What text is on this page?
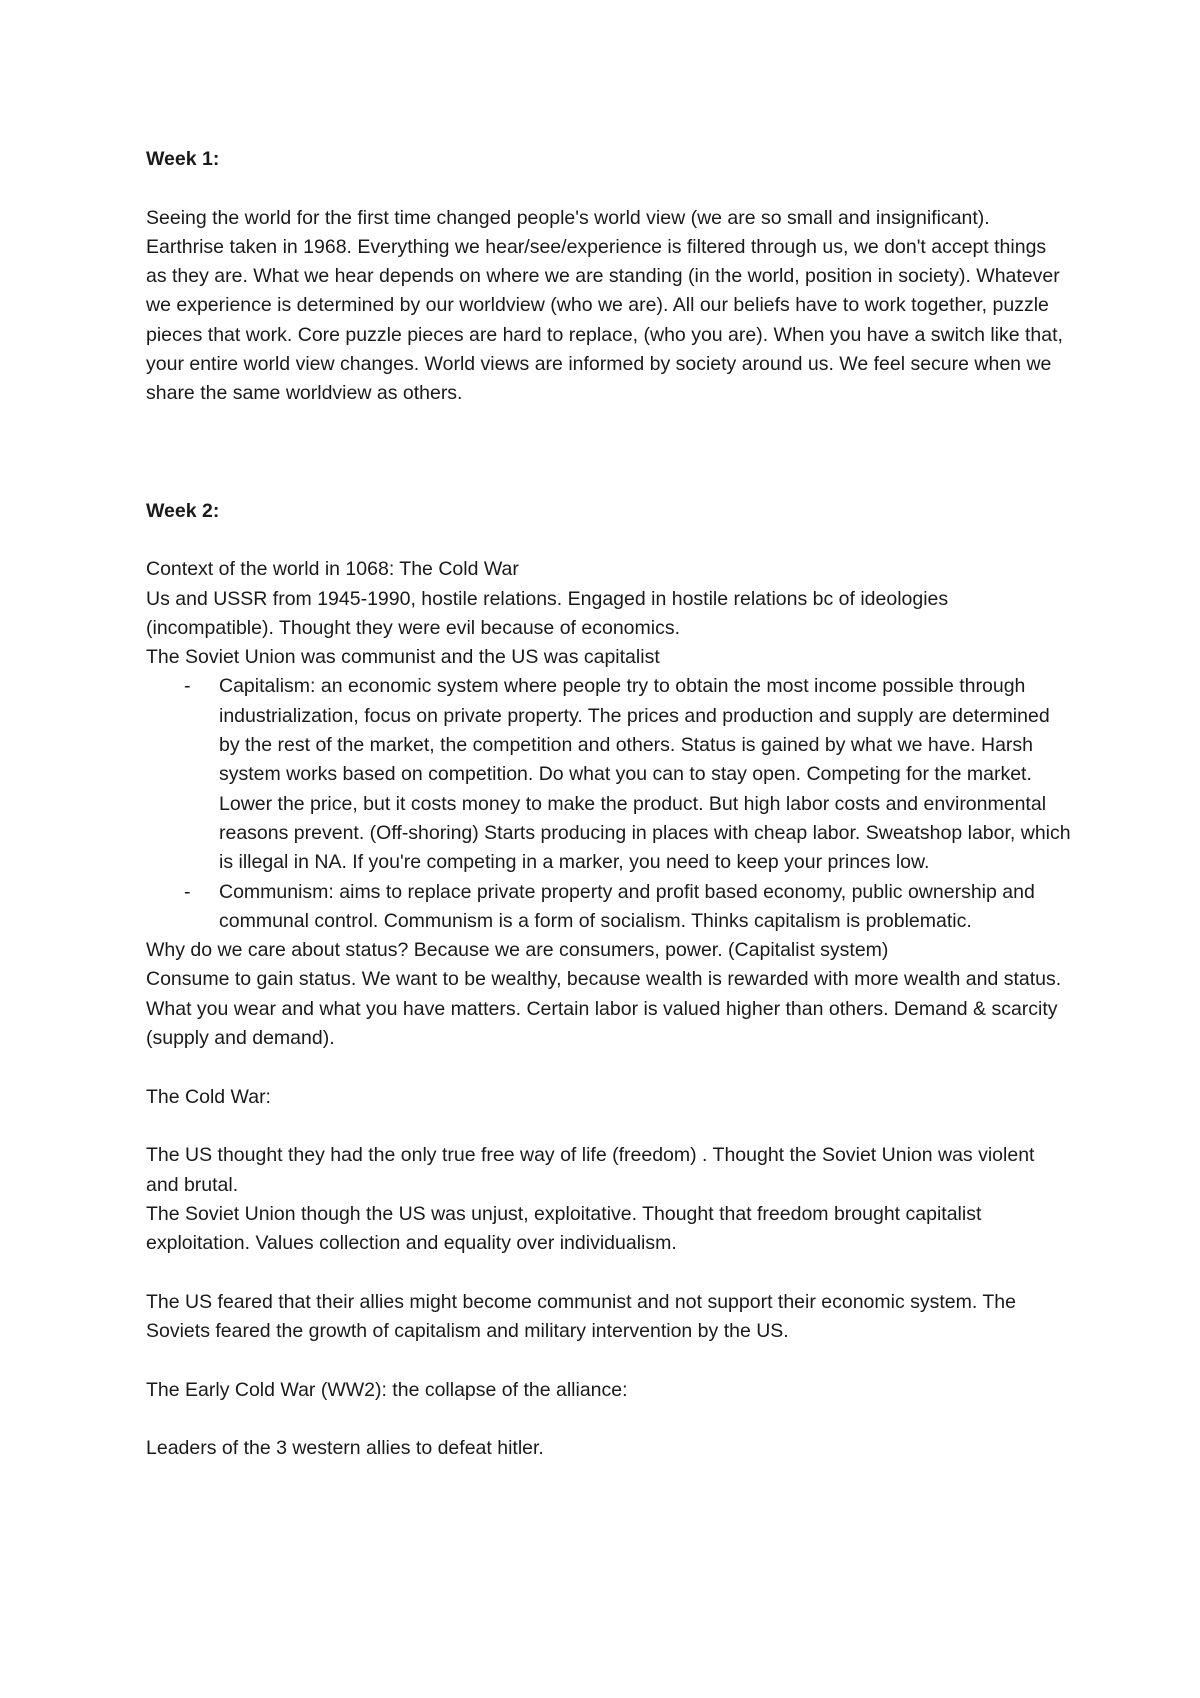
Week 1:

Seeing the world for the first time changed people's world view (we are so small and insignificant). Earthrise taken in 1968. Everything we hear/see/experience is filtered through us, we don't accept things as they are. What we hear depends on where we are standing (in the world, position in society). Whatever we experience is determined by our worldview (who we are). All our beliefs have to work together, puzzle pieces that work. Core puzzle pieces are hard to replace, (who you are). When you have a switch like that, your entire world view changes. World views are informed by society around us. We feel secure when we share the same worldview as others.

Week 2:

Context of the world in 1068: The Cold War

Us and USSR from 1945-1990, hostile relations. Engaged in hostile relations bc of ideologies (incompatible). Thought they were evil because of economics.

The Soviet Union was communist and the US was capitalist

- Capitalism: an economic system where people try to obtain the most income possible through industrialization, focus on private property. The prices and production and supply are determined by the rest of the market, the competition and others. Status is gained by what we have. Harsh system works based on competition. Do what you can to stay open. Competing for the market. Lower the price, but it costs money to make the product. But high labor costs and environmental reasons prevent. (Off-shoring) Starts producing in places with cheap labor. Sweatshop labor, which is illegal in NA. If you're competing in a marker, you need to keep your princes low.
- Communism: aims to replace private property and profit based economy, public ownership and communal control. Communism is a form of socialism. Thinks capitalism is problematic.

Why do we care about status? Because we are consumers, power. (Capitalist system)

Consume to gain status. We want to be wealthy, because wealth is rewarded with more wealth and status. What you wear and what you have matters. Certain labor is valued higher than others. Demand & scarcity (supply and demand).

The Cold War:

The US thought they had the only true free way of life (freedom) . Thought the Soviet Union was violent and brutal.

The Soviet Union though the US was unjust, exploitative. Thought that freedom brought capitalist exploitation. Values collection and equality over individualism.

The US feared that their allies might become communist and not support their economic system. The Soviets feared the growth of capitalism and military intervention by the US.

The Early Cold War (WW2): the collapse of the alliance:

Leaders of the 3 western allies to defeat hitler.
